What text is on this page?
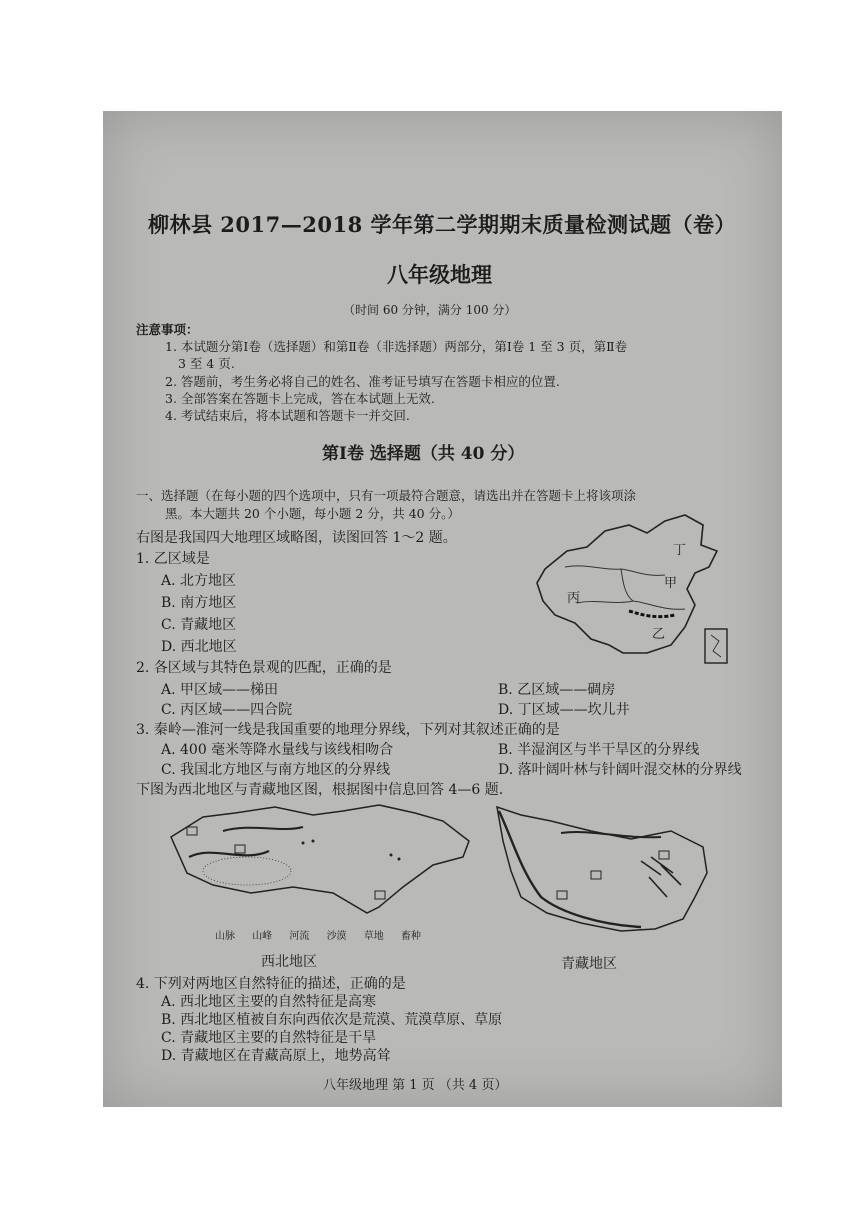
柳林县 2017—2018 学年第二学期期末质量检测试题（卷）
八年级地理
（时间 60 分钟，满分 100 分）
注意事项：
1. 本试题分第Ⅰ卷（选择题）和第Ⅱ卷（非选择题）两部分，第Ⅰ卷 1 至 3 页，第Ⅱ卷
3 至 4 页.
2. 答题前，考生务必将自己的姓名、准考证号填写在答题卡相应的位置.
3. 全部答案在答题卡上完成，答在本试题上无效.
4. 考试结束后，将本试题和答题卡一并交回.
第Ⅰ卷 选择题（共 40 分）
一、选择题（在每小题的四个选项中，只有一项最符合题意，请选出并在答题卡上将该项涂
黑。本大题共 20 个小题，每小题 2 分，共 40 分。）
右图是我国四大地理区域略图，读图回答 1～2 题。
1. 乙区域是
A. 北方地区
B. 南方地区
C. 青藏地区
D. 西北地区
丁
甲
丙
乙
2. 各区域与其特色景观的匹配，正确的是
A. 甲区域——梯田	B. 乙区域——碉房
C. 丙区域——四合院	D. 丁区域——坎儿井
3. 秦岭—淮河一线是我国重要的地理分界线，下列对其叙述正确的是
A. 400 毫米等降水量线与该线相吻合	B. 半湿润区与半干旱区的分界线
C. 我国北方地区与南方地区的分界线	D. 落叶阔叶林与针阔叶混交林的分界线
下图为西北地区与青藏地区图，根据图中信息回答 4—6 题.
山脉 山峰 河流 沙漠 草地 畜种
西北地区	青藏地区
4. 下列对两地区自然特征的描述，正确的是
A. 西北地区主要的自然特征是高寒
B. 西北地区植被自东向西依次是荒漠、荒漠草原、草原
C. 青藏地区主要的自然特征是干旱
D. 青藏地区在青藏高原上，地势高耸
八年级地理 第 1 页 （共 4 页）
